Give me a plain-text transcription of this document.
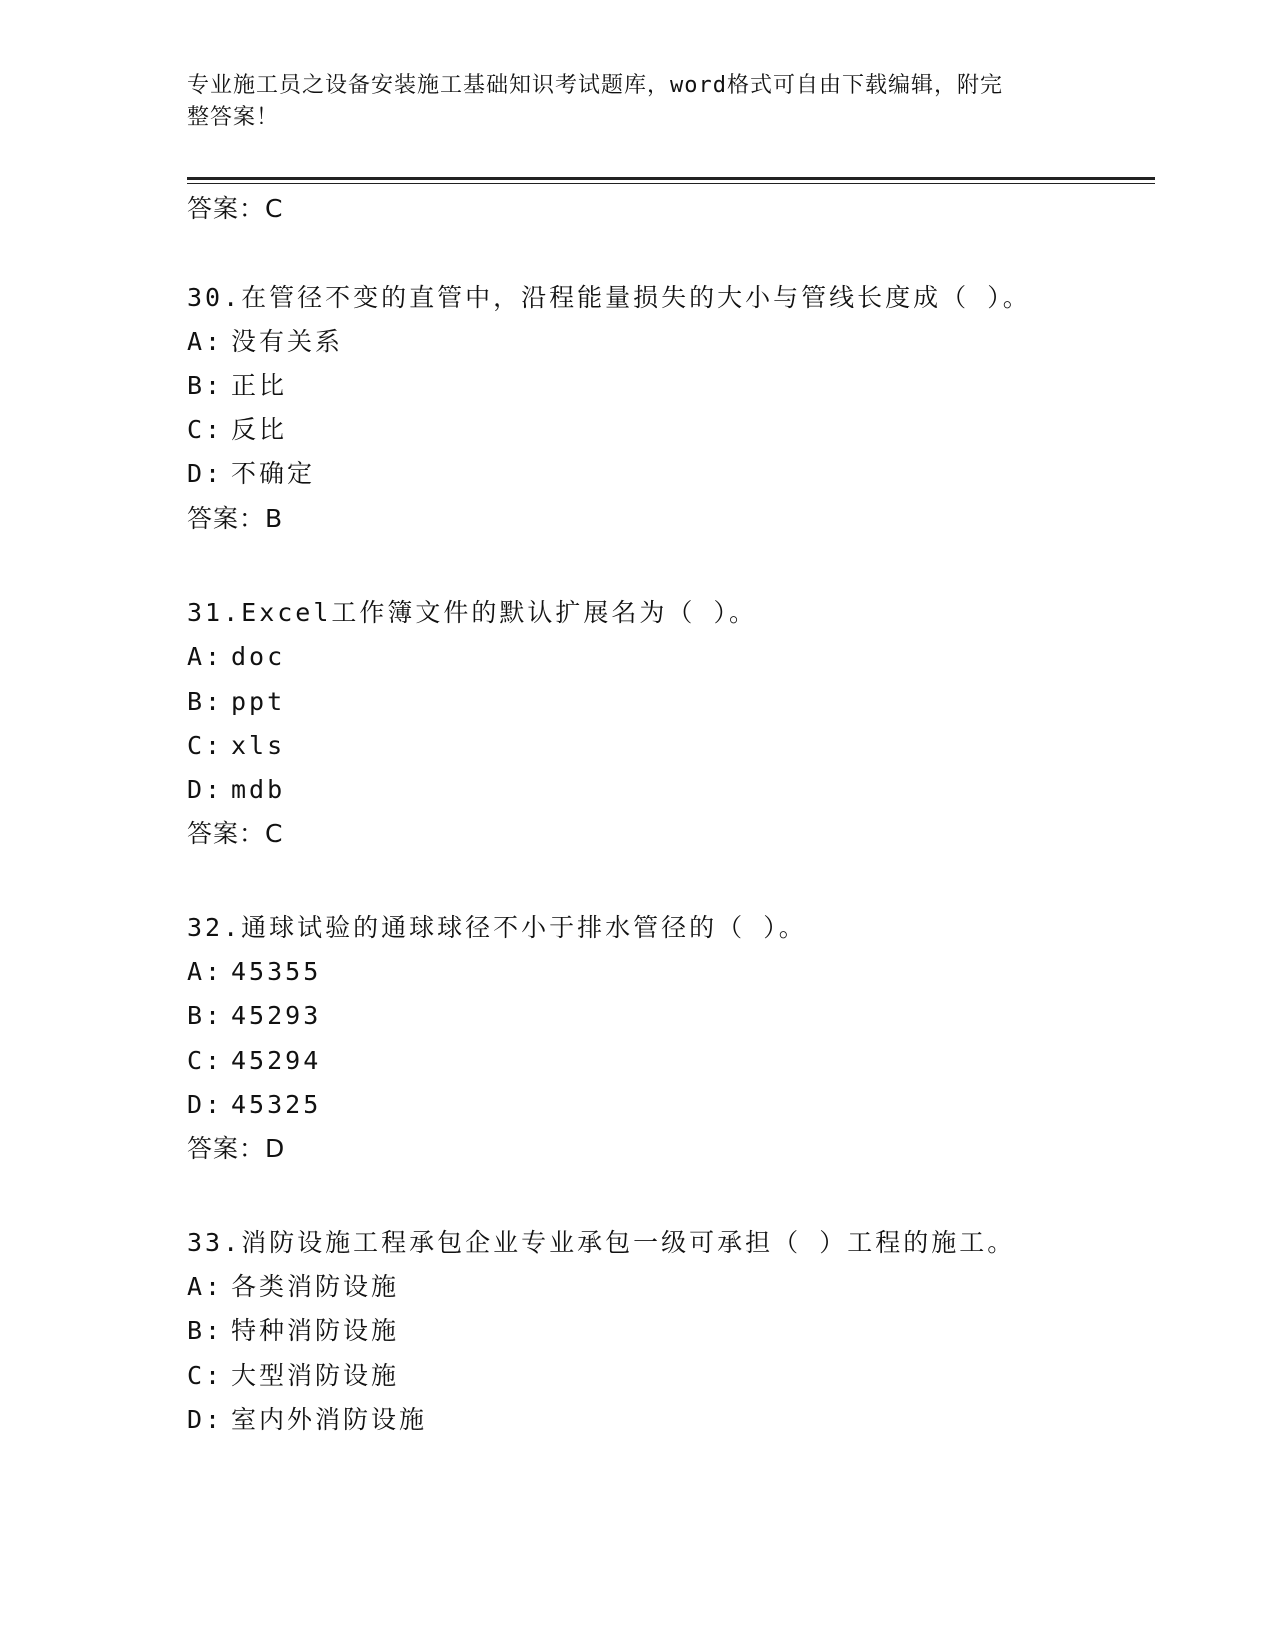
专业施工员之设备安装施工基础知识考试题库，word格式可自由下载编辑，附完
整答案！
答案：C
30.在管径不变的直管中，沿程能量损失的大小与管线长度成（ ）。
A: 没有关系
B: 正比
C: 反比
D: 不确定
答案：B
31.Excel工作簿文件的默认扩展名为（ ）。
A: doc
B: ppt
C: xls
D: mdb
答案：C
32.通球试验的通球球径不小于排水管径的（ ）。
A: 45355
B: 45293
C: 45294
D: 45325
答案：D
33.消防设施工程承包企业专业承包一级可承担（ ）工程的施工。
A: 各类消防设施
B: 特种消防设施
C: 大型消防设施
D: 室内外消防设施
